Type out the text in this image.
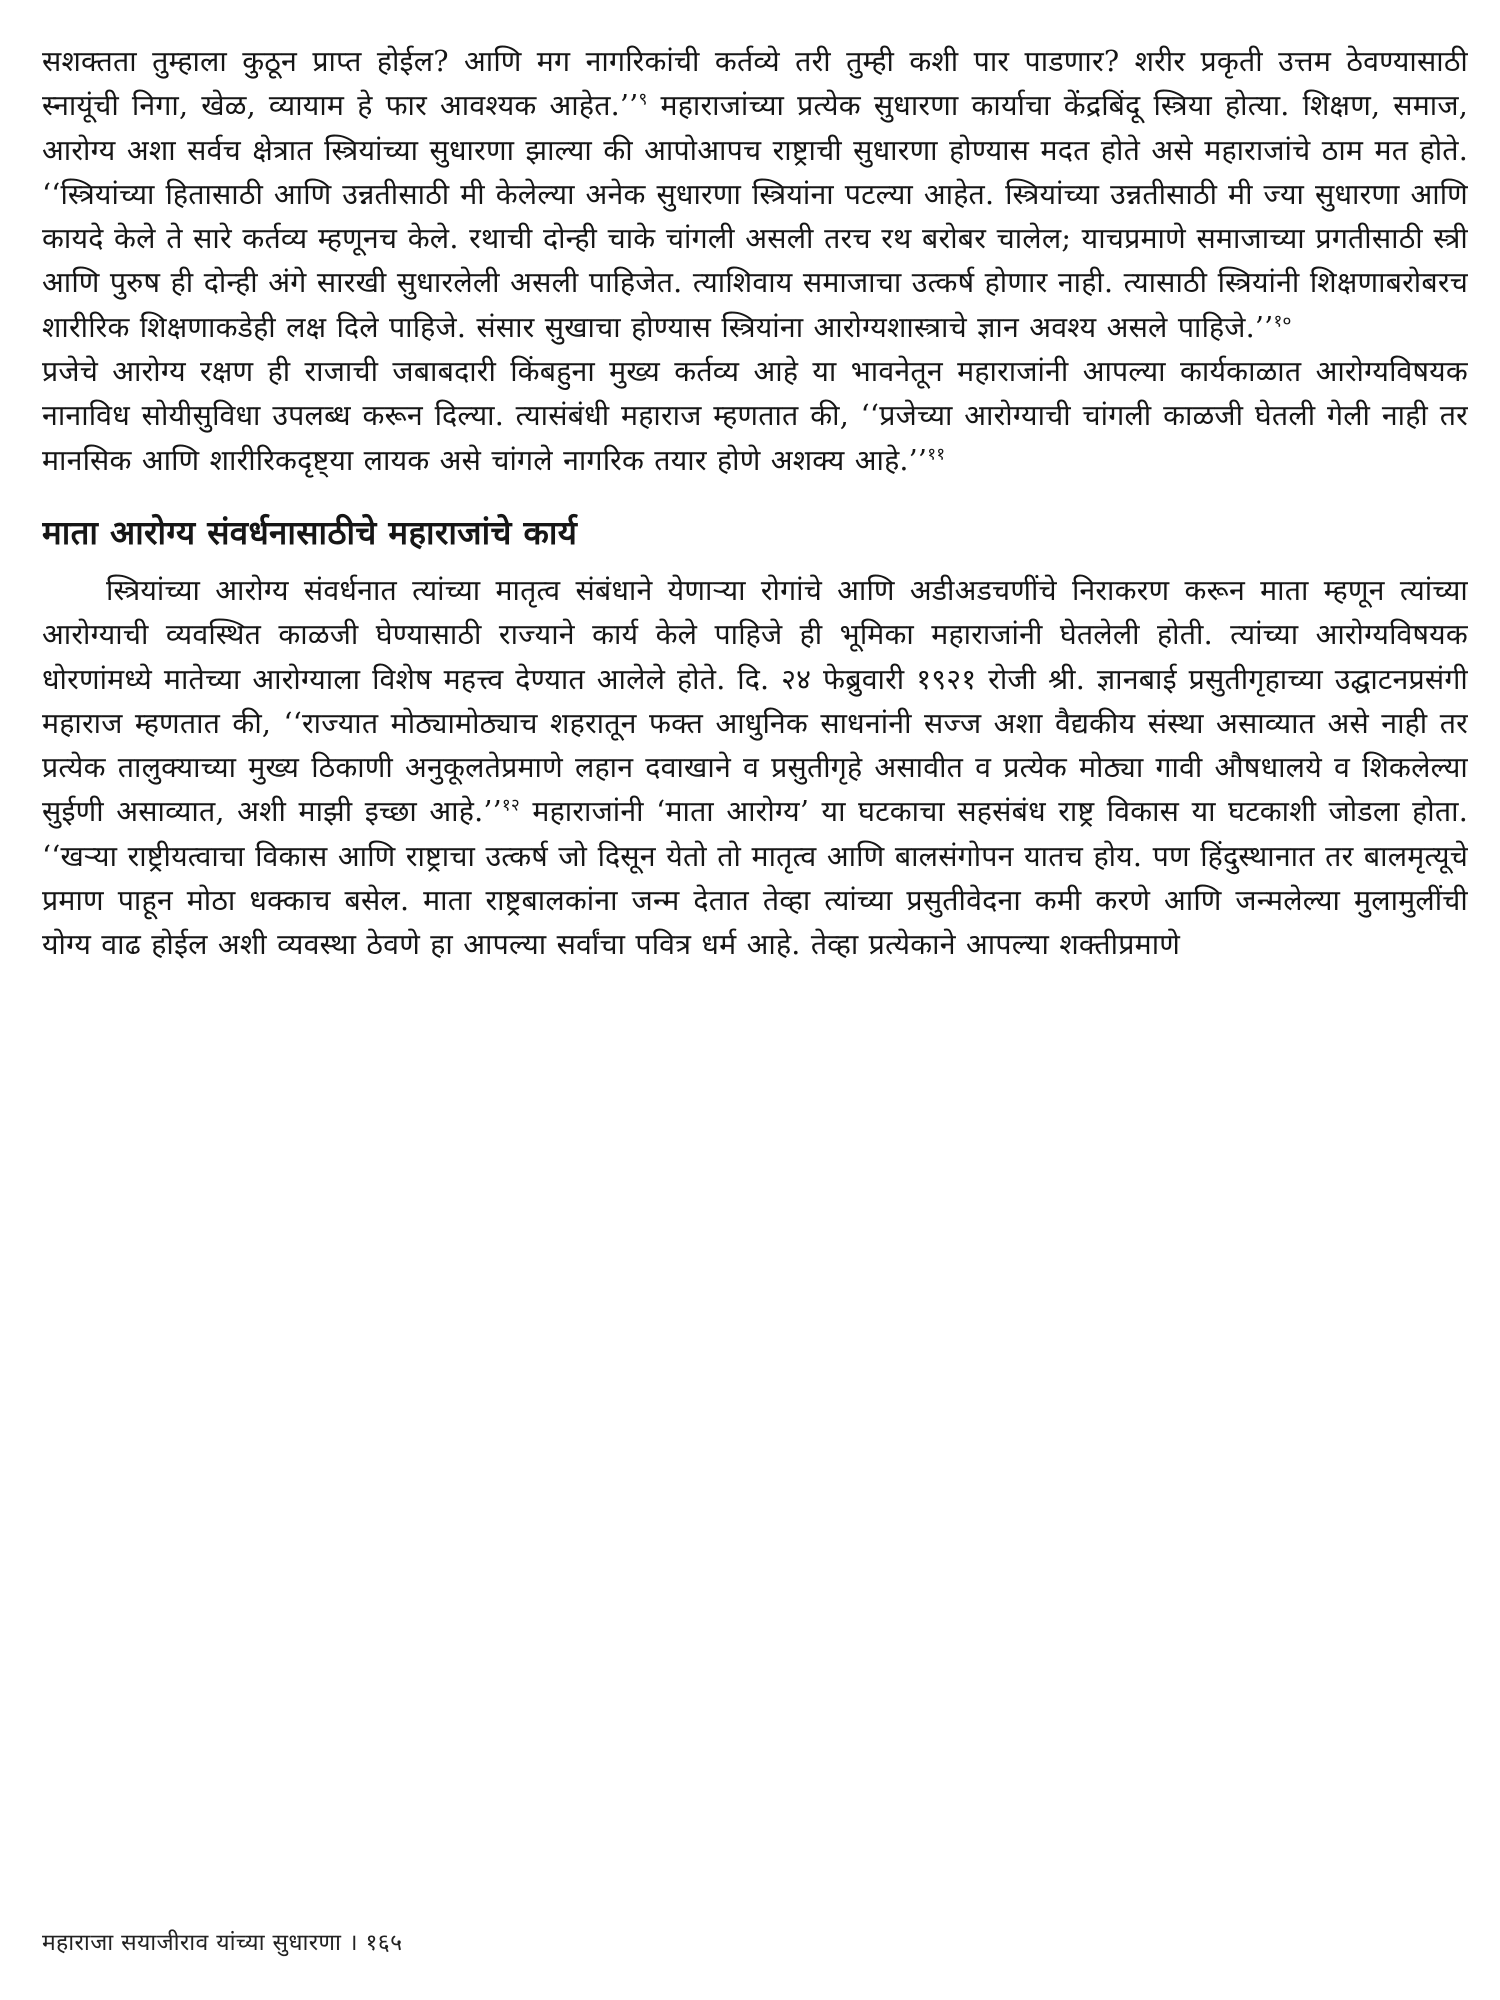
सशक्तता तुम्हाला कुठून प्राप्त होईल? आणि मग नागरिकांची कर्तव्ये तरी तुम्ही कशी पार पाडणार? शरीर प्रकृती उत्तम ठेवण्यासाठी स्नायूंची निगा, खेळ, व्यायाम हे फार आवश्यक आहेत.’’$^९$ महाराजांच्या प्रत्येक सुधारणा कार्याचा केंद्रबिंदू स्त्रिया होत्या. शिक्षण, समाज, आरोग्य अशा सर्वच क्षेत्रात स्त्रियांच्या सुधारणा झाल्या की आपोआपच राष्ट्राची सुधारणा होण्यास मदत होते असे महाराजांचे ठाम मत होते. ‘‘स्त्रियांच्या हितासाठी आणि उन्नतीसाठी मी केलेल्या अनेक सुधारणा स्त्रियांना पटल्या आहेत. स्त्रियांच्या उन्नतीसाठी मी ज्या सुधारणा आणि कायदे केले ते सारे कर्तव्य म्हणूनच केले. रथाची दोन्ही चाके चांगली असली तरच रथ बरोबर चालेल; याचप्रमाणे समाजाच्या प्रगतीसाठी स्त्री आणि पुरुष ही दोन्ही अंगे सारखी सुधारलेली असली पाहिजेत. त्याशिवाय समाजाचा उत्कर्ष होणार नाही. त्यासाठी स्त्रियांनी शिक्षणाबरोबरच शारीरिक शिक्षणाकडेही लक्ष दिले पाहिजे. संसार सुखाचा होण्यास स्त्रियांना आरोग्यशास्त्राचे ज्ञान अवश्य असले पाहिजे.’’$^{१०}$

प्रजेचे आरोग्य रक्षण ही राजाची जबाबदारी किंबहुना मुख्य कर्तव्य आहे या भावनेतून महाराजांनी आपल्या कार्यकाळात आरोग्यविषयक नानाविध सोयीसुविधा उपलब्ध करून दिल्या. त्यासंबंधी महाराज म्हणतात की, ‘‘प्रजेच्या आरोग्याची चांगली काळजी घेतली गेली नाही तर मानसिक आणि शारीरिकदृष्ट्या लायक असे चांगले नागरिक तयार होणे अशक्य आहे.’’$^{११}$

माता आरोग्य संवर्धनासाठीचे महाराजांचे कार्य

स्त्रियांच्या आरोग्य संवर्धनात त्यांच्या मातृत्व संबंधाने येणाऱ्या रोगांचे आणि अडीअडचणींचे निराकरण करून माता म्हणून त्यांच्या आरोग्याची व्यवस्थित काळजी घेण्यासाठी राज्याने कार्य केले पाहिजे ही भूमिका महाराजांनी घेतलेली होती. त्यांच्या आरोग्यविषयक धोरणांमध्ये मातेच्या आरोग्याला विशेष महत्त्व देण्यात आलेले होते. दि. २४ फेब्रुवारी १९२१ रोजी श्री. ज्ञानबाई प्रसुतीगृहाच्या उद्घाटनप्रसंगी महाराज म्हणतात की, ‘‘राज्यात मोठ्यामोठ्याच शहरातून फक्त आधुनिक साधनांनी सज्ज अशा वैद्यकीय संस्था असाव्यात असे नाही तर प्रत्येक तालुक्याच्या मुख्य ठिकाणी अनुकूलतेप्रमाणे लहान दवाखाने व प्रसुतीगृहे असावीत व प्रत्येक मोठ्या गावी औषधालये व शिकलेल्या सुईणी असाव्यात, अशी माझी इच्छा आहे.’’$^{१२}$ महाराजांनी ‘माता आरोग्य’ या घटकाचा सहसंबंध राष्ट्र विकास या घटकाशी जोडला होता. ‘‘खऱ्या राष्ट्रीयत्वाचा विकास आणि राष्ट्राचा उत्कर्ष जो दिसून येतो तो मातृत्व आणि बालसंगोपन यातच होय. पण हिंदुस्थानात तर बालमृत्यूचे प्रमाण पाहून मोठा धक्काच बसेल. माता राष्ट्रबालकांना जन्म देतात तेव्हा त्यांच्या प्रसुतीवेदना कमी करणे आणि जन्मलेल्या मुलामुलींची योग्य वाढ होईल अशी व्यवस्था ठेवणे हा आपल्या सर्वांचा पवित्र धर्म आहे. तेव्हा प्रत्येकाने आपल्या शक्तीप्रमाणे

महाराजा सयाजीराव यांच्या सुधारणा । १६५
